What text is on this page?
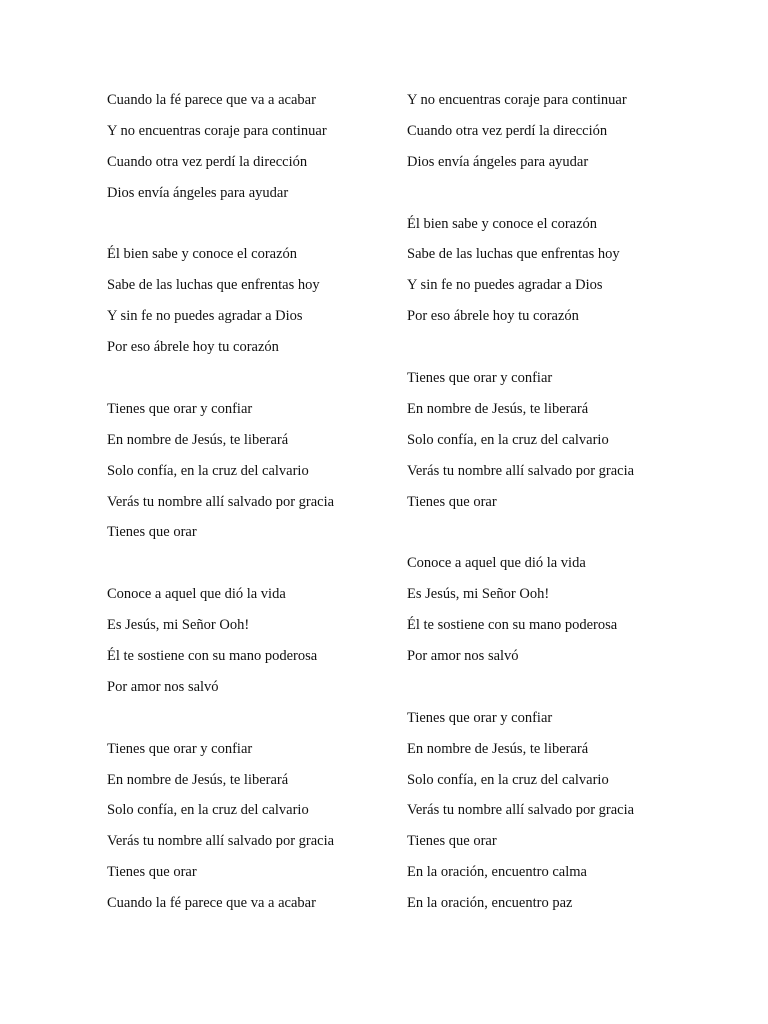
Cuando la fé parece que va a acabar
Y no encuentras coraje para continuar
Cuando otra vez perdí la dirección
Dios envía ángeles para ayudar
Él bien sabe y conoce el corazón
Sabe de las luchas que enfrentas hoy
Y sin fe no puedes agradar a Dios
Por eso ábrele hoy tu corazón
Tienes que orar y confiar
En nombre de Jesús, te liberará
Solo confía, en la cruz del calvario
Verás tu nombre allí salvado por gracia
Tienes que orar
Conoce a aquel que dió la vida
Es Jesús, mi Señor Ooh!
Él te sostiene con su mano poderosa
Por amor nos salvó
Tienes que orar y confiar
En nombre de Jesús, te liberará
Solo confía, en la cruz del calvario
Verás tu nombre allí salvado por gracia
Tienes que orar
Cuando la fé parece que va a acabar
Y no encuentras coraje para continuar
Cuando otra vez perdí la dirección
Dios envía ángeles para ayudar
Él bien sabe y conoce el corazón
Sabe de las luchas que enfrentas hoy
Y sin fe no puedes agradar a Dios
Por eso ábrele hoy tu corazón
Tienes que orar y confiar
En nombre de Jesús, te liberará
Solo confía, en la cruz del calvario
Verás tu nombre allí salvado por gracia
Tienes que orar
Conoce a aquel que dió la vida
Es Jesús, mi Señor Ooh!
Él te sostiene con su mano poderosa
Por amor nos salvó
Tienes que orar y confiar
En nombre de Jesús, te liberará
Solo confía, en la cruz del calvario
Verás tu nombre allí salvado por gracia
Tienes que orar
En la oración, encuentro calma
En la oración, encuentro paz
